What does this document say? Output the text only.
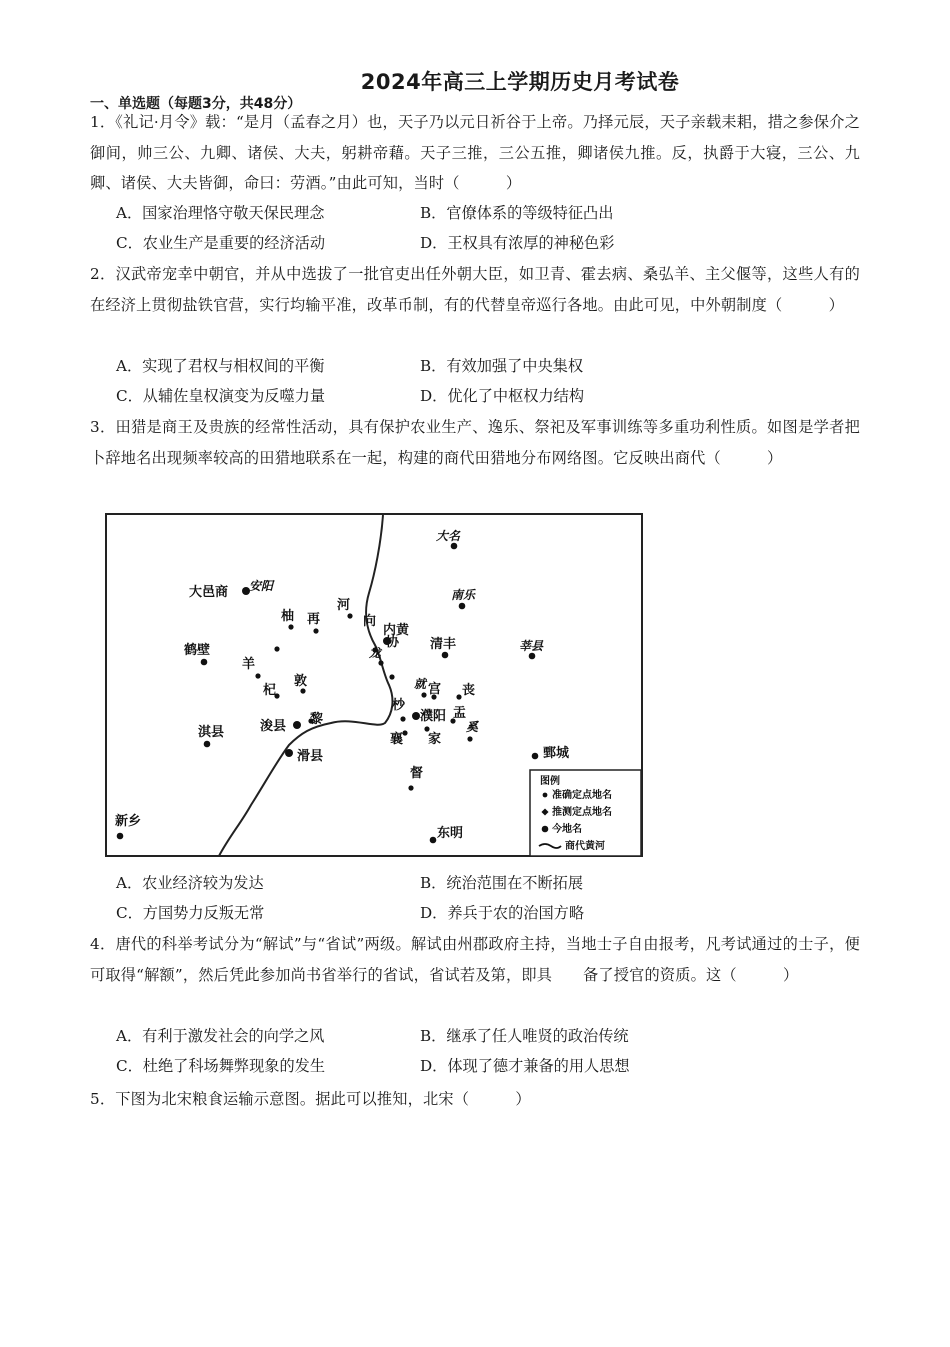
2024年高三上学期历史月考试卷
一、单选题（每题3分，共48分）
1．《礼记·月令》载：“是月（孟春之月）也，天子乃以元日祈谷于上帝。乃择元辰，天子亲载耒耜，措之参保介之御间，帅三公、九卿、诸侯、大夫，躬耕帝藉。天子三推，三公五推，卿诸侯九推。反，执爵于大寝，三公、九卿、诸侯、大夫皆御，命曰：劳酒。”由此可知，当时（　　　）
A．国家治理恪守敬天保民理念	B．官僚体系的等级特征凸出
C．农业生产是重要的经济活动	D．王权具有浓厚的神秘色彩
2．汉武帝宠幸中朝官，并从中选拔了一批官吏出任外朝大臣，如卫青、霍去病、桑弘羊、主父偃等，这些人有的在经济上贯彻盐铁官营，实行均输平准，改革币制，有的代替皇帝巡行各地。由此可见，中外朝制度（　　　）
A．实现了君权与相权间的平衡	B．有效加强了中央集权
C．从辅佐皇权演变为反噬力量	D．优化了中枢权力结构
3．田猎是商王及贵族的经常性活动，具有保护农业生产、逸乐、祭祀及军事训练等多重功利性质。如图是学者把卜辞地名出现频率较高的田猎地联系在一起，构建的商代田猎地分布网络图。它反映出商代（　　　）
大名
大邑商 安阳
河
南乐
柚 再	向
内黄
清丰	莘县
鹤壁
羊
龙
协
敦
杞	就 宫 丧
杪
濮阳 盂
淇县	浚县 黎
襄 家
奚
滑县	鄄城
督
新乡
东明
图例
准确定点地名
推测定点地名
今地名
商代黄河
A．农业经济较为发达	B．统治范围在不断拓展
C．方国势力反叛无常	D．养兵于农的治国方略
4．唐代的科举考试分为“解试”与“省试”两级。解试由州郡政府主持，当地士子自由报考，凡考试通过的士子，便可取得“解额”，然后凭此参加尚书省举行的省试，省试若及第，即具　　备了授官的资质。这（　　　）
A．有利于激发社会的向学之风	B．继承了任人唯贤的政治传统
C．杜绝了科场舞弊现象的发生	D．体现了德才兼备的用人思想
5．下图为北宋粮食运输示意图。据此可以推知，北宋（　　　）
